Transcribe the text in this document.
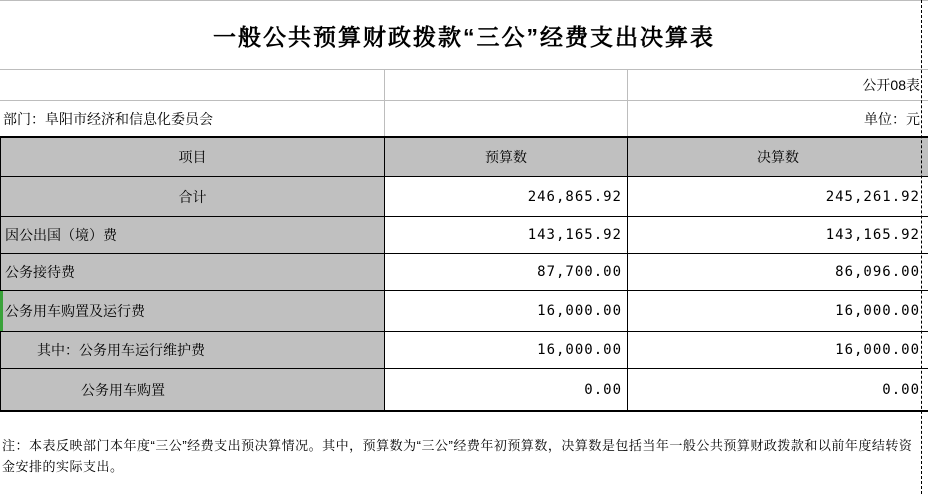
一般公共预算财政拨款“三公”经费支出决算表
公开08表
部门：阜阳市经济和信息化委员会	单位：元
项目	预算数	决算数
合计	246,865.92	245,261.92
因公出国（境）费	143,165.92	143,165.92
公务接待费	87,700.00	86,096.00
公务用车购置及运行费	16,000.00	16,000.00
其中：公务用车运行维护费	16,000.00	16,000.00
公务用车购置	0.00	0.00
注：本表反映部门本年度“三公”经费支出预决算情况。其中，预算数为“三公”经费年初预算数，决算数是包括当年一般公共预算财政拨款和以前年度结转资金安排的实际支出。
